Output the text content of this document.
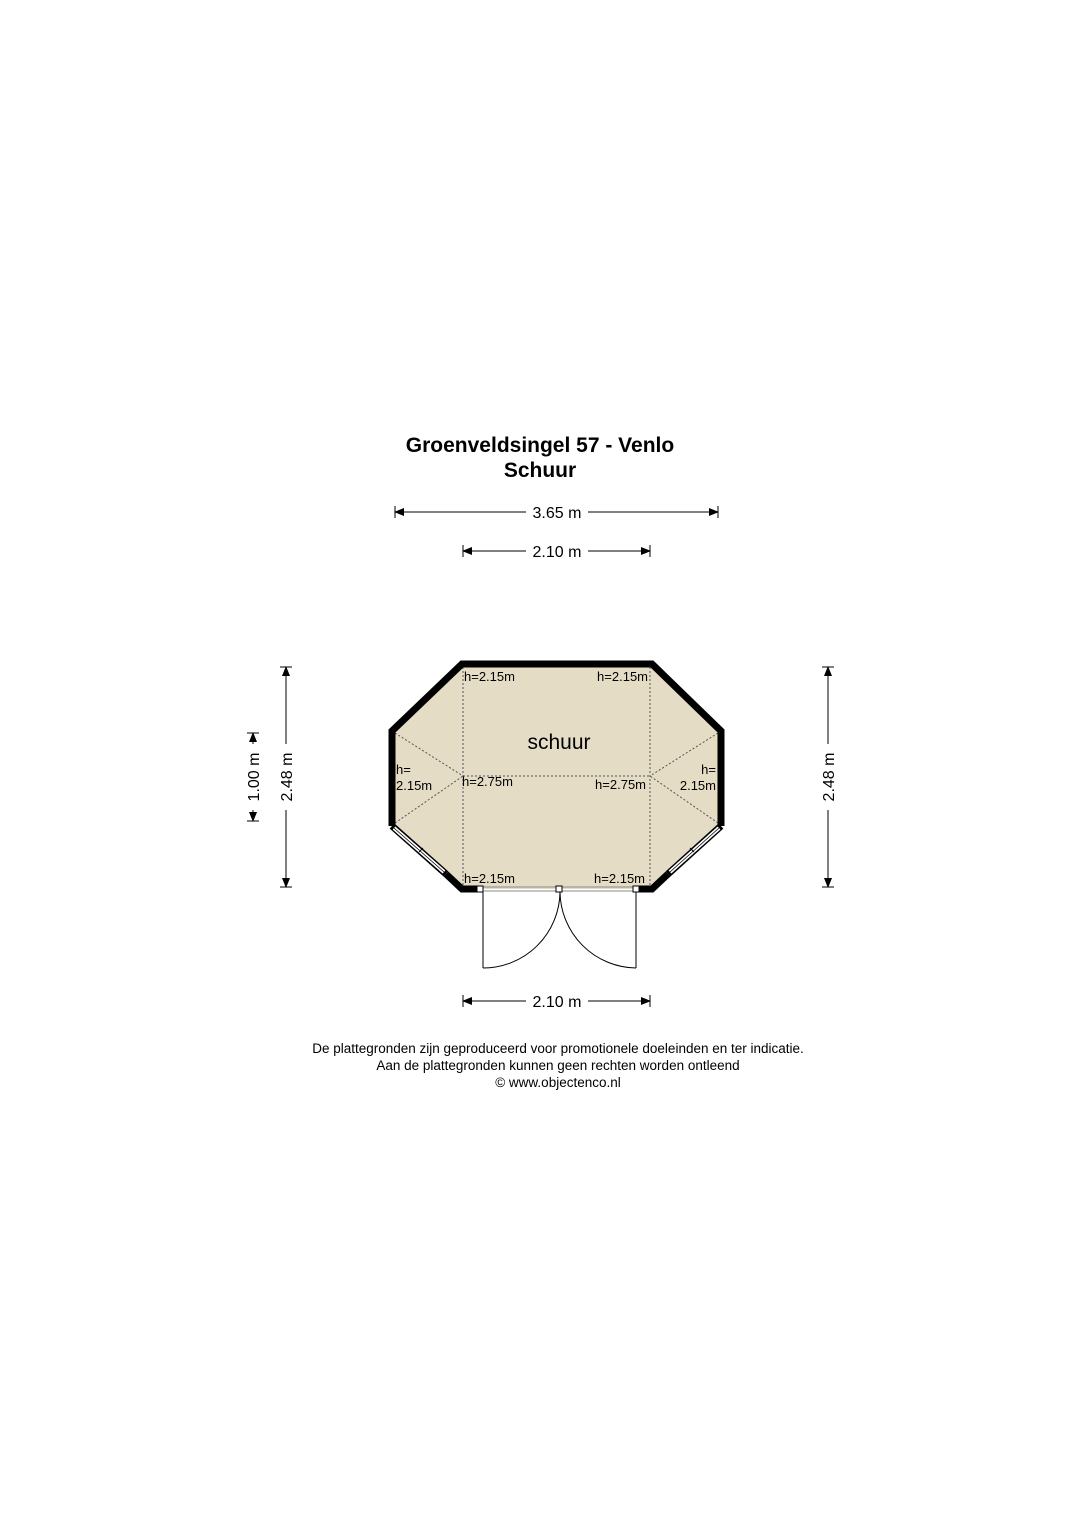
Groenveldsingel 57 - Venlo
Schuur
3.65 m
2.10 m
2.48 m
1.00 m	2.48 m
schuur
h=2.15m	h=2.15m
h=2.75m	h=2.75m
h=2.15m	h=2.15m
h=
2.15m
h=
2.15m
2.10 m
De plattegronden zijn geproduceerd voor promotionele doeleinden en ter indicatie.
Aan de plattegronden kunnen geen rechten worden ontleend
© www.objectenco.nl
